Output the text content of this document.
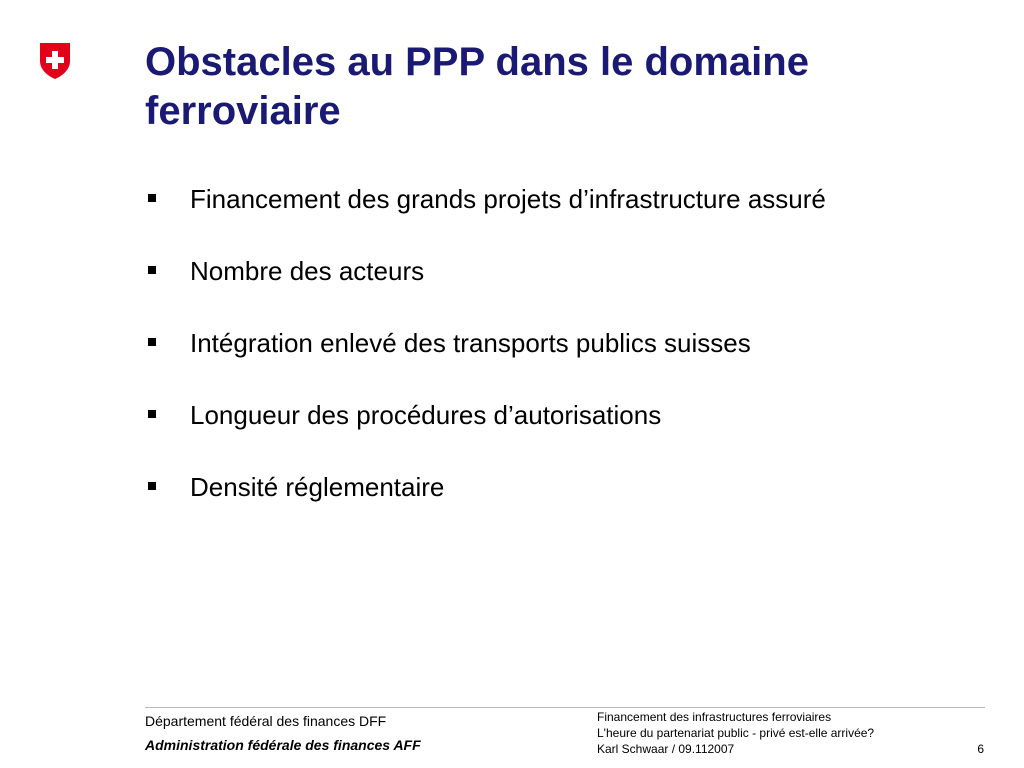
Obstacles au PPP dans le domaine ferroviaire
Financement des grands projets d’infrastructure assuré
Nombre des acteurs
Intégration enlevé des transports publics suisses
Longueur des procédures d’autorisations
Densité réglementaire
Département fédéral des finances DFF
Administration fédérale des finances AFF
Financement des infrastructures ferroviaires
L'heure du partenariat public - privé est-elle arrivée?
Karl Schwaar / 09.112007	6
